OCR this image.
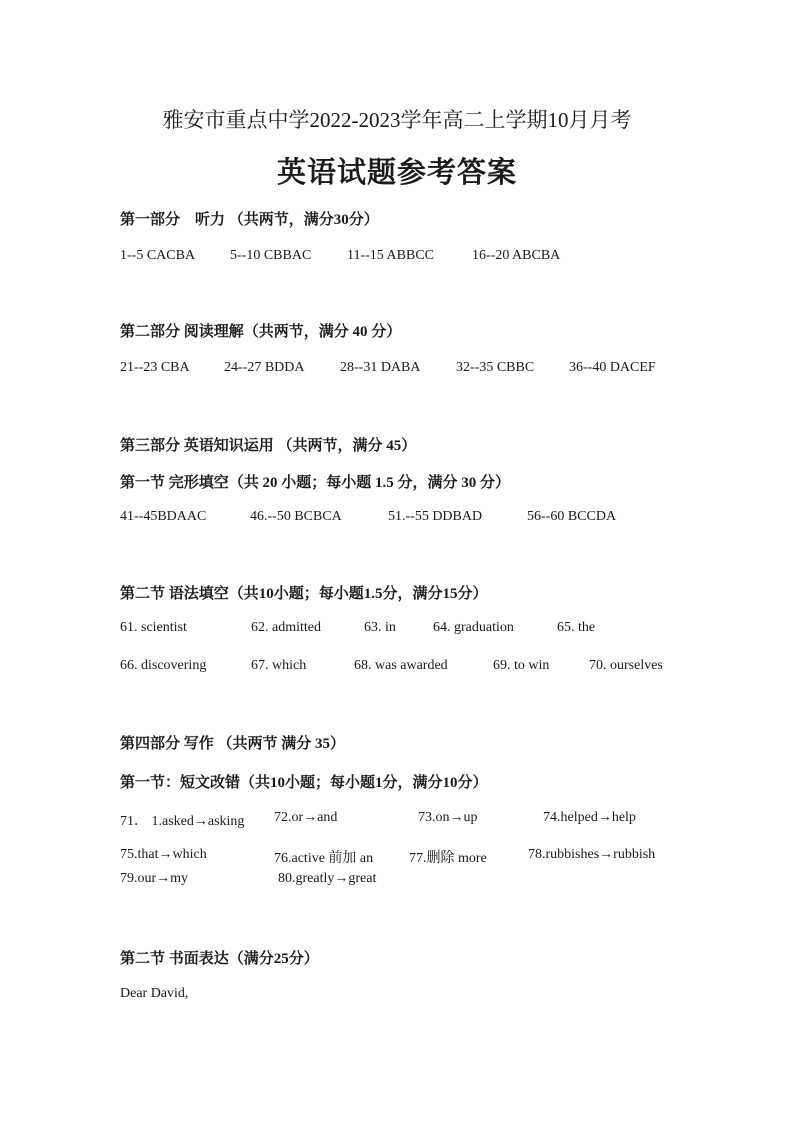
雅安市重点中学2022-2023学年高二上学期10月月考
英语试题参考答案
第一部分　听力 （共两节，满分30分）
1--5 CACBA 5--10 CBBAC	11--15 ABBCC	16--20 ABCBA
第二部分 阅读理解（共两节，满分 40 分）
21--23 CBA 24--27 BDDA	28--31 DABA	32--35 CBBC 36--40 DACEF
第三部分 英语知识运用 （共两节，满分 45）
第一节 完形填空（共 20 小题；每小题 1.5 分，满分 30 分）
41--45BDAAC	46.--50 BCBCA	51.--55 DDBAD	56--60 BCCDA
第二节 语法填空（共10小题；每小题1.5分，满分15分）
61. scientist	62. admitted	63. in	64. graduation	65. the
66. discovering	67. which	68. was awarded	69. to win	70. ourselves
第四部分 写作 （共两节 满分 35）
第一节：短文改错（共10小题；每小题1分，满分10分）
71． 1.asked→asking 72.or→and	73.on→up	74.helped→help
75.that→which	76.active 前加 an	77.删除 more	78.rubbishes→rubbish
79.our→my	80.greatly→great
第二节 书面表达（满分25分）
Dear David,
